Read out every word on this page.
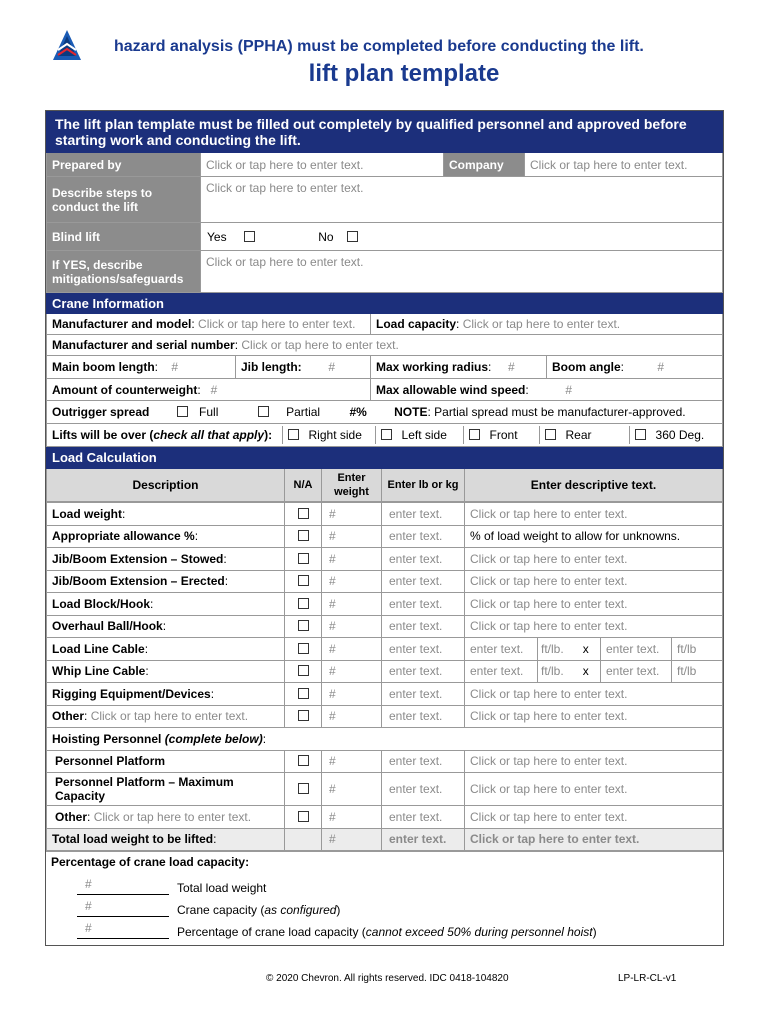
hazard analysis (PPHA) must be completed before conducting the lift.
lift plan template
The lift plan template must be filled out completely by qualified personnel and approved before starting work and conducting the lift.			
Prepared by	Click or tap here to enter text.	Company	Click or tap here to enter text.
Describe steps to conduct the lift	Click or tap here to enter text.		
Blind lift	Yes No		
If YES, describe mitigations/safeguards	Click or tap here to enter text.		
Crane Information
Manufacturer and model: Click or tap here to enter text.	Load capacity: Click or tap here to enter text.
Manufacturer and serial number: Click or tap here to enter text.
Main boom length:    #	Jib length: #	Max working radius:     #	Boom angle:          #
Amount of counterweight:   #	Max allowable wind speed:           #
Outrigger spread	Full	Partial #% NOTE: Partial spread must be manufacturer-approved.

Lifts will be over (check all that apply):	Right side	Left side	Front	Rear	360 Deg.
Load Calculation
Description	N/A	Enter weight	Enter lb or kg	Enter descriptive text.
Load weight:		#	enter text.	Click or tap here to enter text.				
Appropriate allowance %:		#	enter text.	% of load weight to allow for unknowns.				
Jib/Boom Extension – Stowed:		#	enter text.	Click or tap here to enter text.				
Jib/Boom Extension – Erected:		#	enter text.	Click or tap here to enter text.				
Load Block/Hook:		#	enter text.	Click or tap here to enter text.				
Overhaul Ball/Hook:		#	enter text.	Click or tap here to enter text.				
Load Line Cable:		#	enter text.	enter text.	ft/lb.	x	enter text.	ft/lb
Whip Line Cable:		#	enter text.	enter text.	ft/lb.	x	enter text.	ft/lb
Rigging Equipment/Devices:		#	enter text.	Click or tap here to enter text.				
Other: Click or tap here to enter text.		#	enter text.	Click or tap here to enter text.				
Hoisting Personnel (complete below):								
Personnel Platform		#	enter text.	Click or tap here to enter text.				
Personnel Platform – Maximum Capacity		#	enter text.	Click or tap here to enter text.				
Other: Click or tap here to enter text.		#	enter text.	Click or tap here to enter text.				
Total load weight to be lifted:		#	enter text.	Click or tap here to enter text.				
Percentage of crane load capacity:
#	Total load weight
#	Crane capacity (as configured)
#	Percentage of crane load capacity (cannot exceed 50% during personnel hoist)
© 2020 Chevron. All rights reserved. IDC 0418-104820	LP-LR-CL-v1
